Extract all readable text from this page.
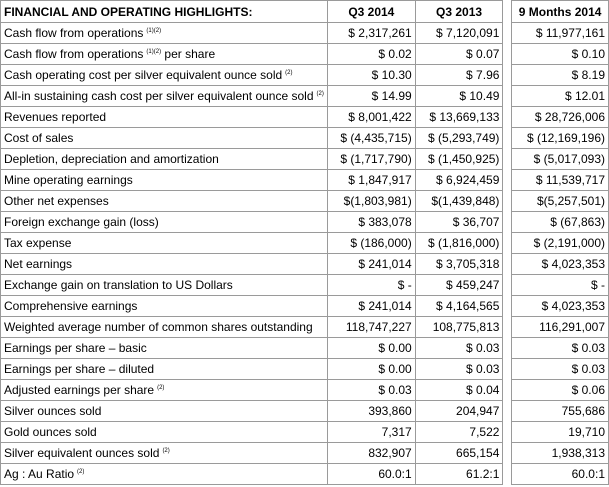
FINANCIAL AND OPERATING HIGHLIGHTS:	Q3 2014	Q3 2013		9 Months 2014
Cash flow from operations $^{(1)(2)}$	$ 2,317,261	$ 7,120,091		$ 11,977,161
Cash flow from operations $^{(1)(2)}$ per share	$ 0.02	$ 0.07		$ 0.10
Cash operating cost per silver equivalent ounce sold $^{(2)}$	$ 10.30	$ 7.96		$ 8.19
All-in sustaining cash cost per silver equivalent ounce sold $^{(2)}$	$ 14.99	$ 10.49		$ 12.01
Revenues reported	$ 8,001,422	$ 13,669,133		$ 28,726,006
Cost of sales	$ (4,435,715)	$ (5,293,749)		$ (12,169,196)
Depletion, depreciation and amortization	$ (1,717,790)	$ (1,450,925)		$ (5,017,093)
Mine operating earnings	$ 1,847,917	$ 6,924,459		$ 11,539,717
Other net expenses	$(1,803,981)	$(1,439,848)		$(5,257,501)
Foreign exchange gain (loss)	$ 383,078	$ 36,707		$ (67,863)
Tax expense	$ (186,000)	$ (1,816,000)		$ (2,191,000)
Net earnings	$ 241,014	$ 3,705,318		$ 4,023,353
Exchange gain on translation to US Dollars	$ -	$ 459,247		$ -
Comprehensive earnings	$ 241,014	$ 4,164,565		$ 4,023,353
Weighted average number of common shares outstanding	118,747,227	108,775,813		116,291,007
Earnings per share – basic	$ 0.00	$ 0.03		$ 0.03
Earnings per share – diluted	$ 0.00	$ 0.03		$ 0.03
Adjusted earnings per share $^{(2)}$	$ 0.03	$ 0.04		$ 0.06
Silver ounces sold	393,860	204,947		755,686
Gold ounces sold	7,317	7,522		19,710
Silver equivalent ounces sold $^{(2)}$	832,907	665,154		1,938,313
Ag : Au Ratio $^{(2)}$	60.0:1	61.2:1		60.0:1
